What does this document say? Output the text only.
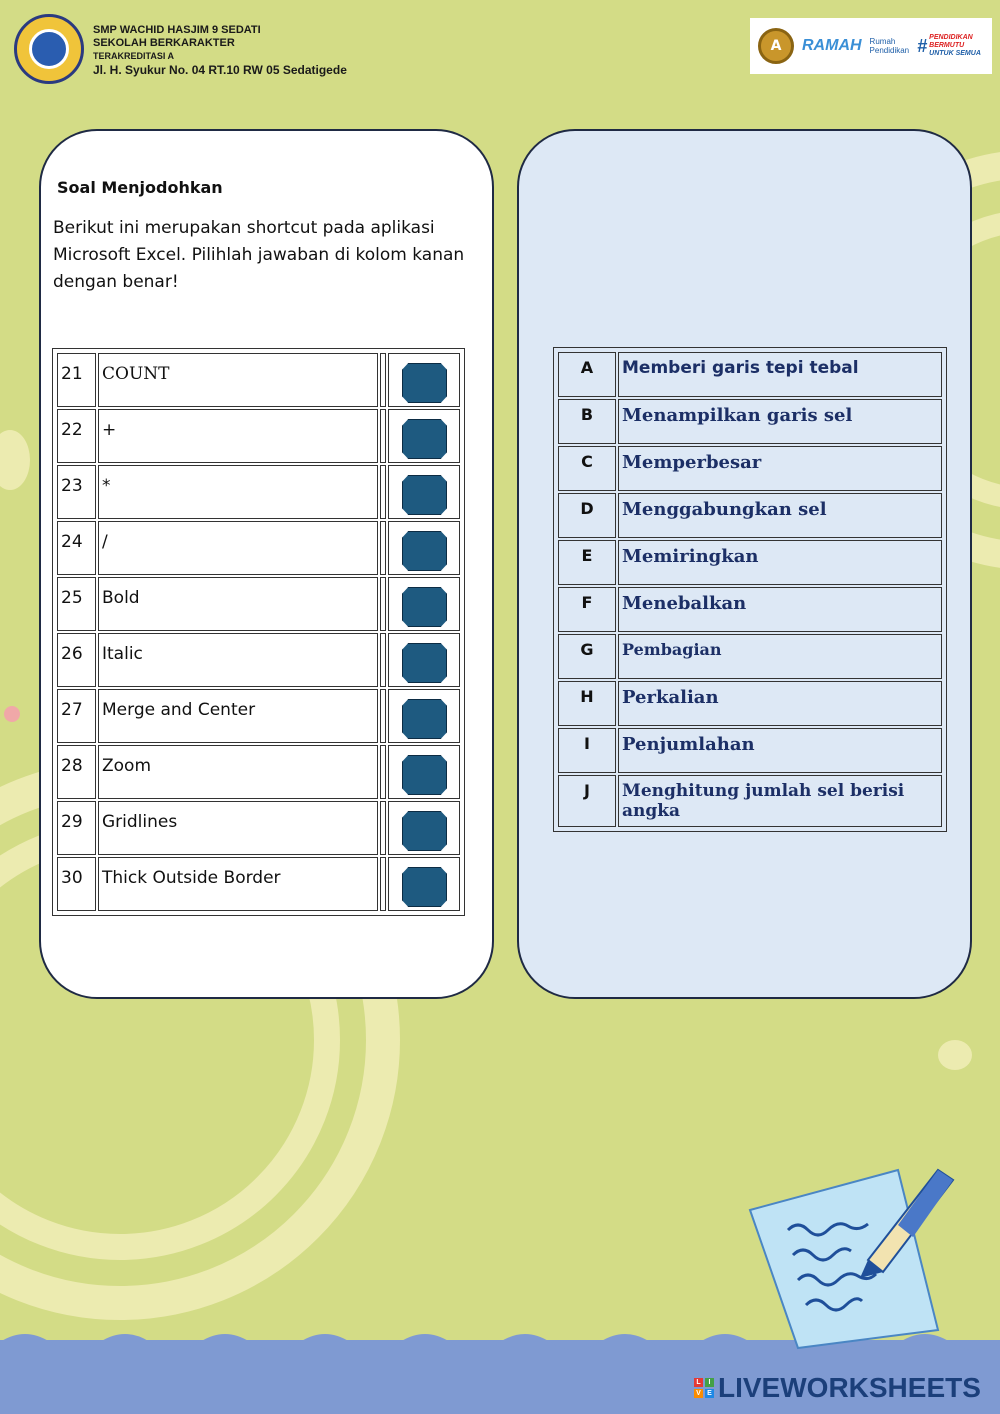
SMP WACHID HASJIM 9 SEDATI
SEKOLAH BERKARAKTER
TERAKREDITASI A
Jl. H. Syukur No. 04 RT.10 RW 05 Sedatigede
A	RAMAH Rumah
Pendidikan # PENDIDIKAN
BERMUTU
UNTUK SEMUA
Soal Menjodohkan
Berikut ini merupakan shortcut pada aplikasi Microsoft Excel. Pilihlah jawaban di kolom kanan dengan benar!
21	COUNT		

22	+		

23	*		

24	/		

25	Bold		

26	Italic		

27	Merge and Center		

28	Zoom		

29	Gridlines		

30	Thick Outside Border		
A	Memberi garis tepi tebal
B	Menampilkan garis sel
C	Memperbesar
D	Menggabungkan sel
E	Memiringkan
F	Menebalkan
G	Pembagian
H	Perkalian
I	Penjumlahan
J	Menghitung jumlah sel berisi angka
L	I
V E LIVEWORKSHEETS
